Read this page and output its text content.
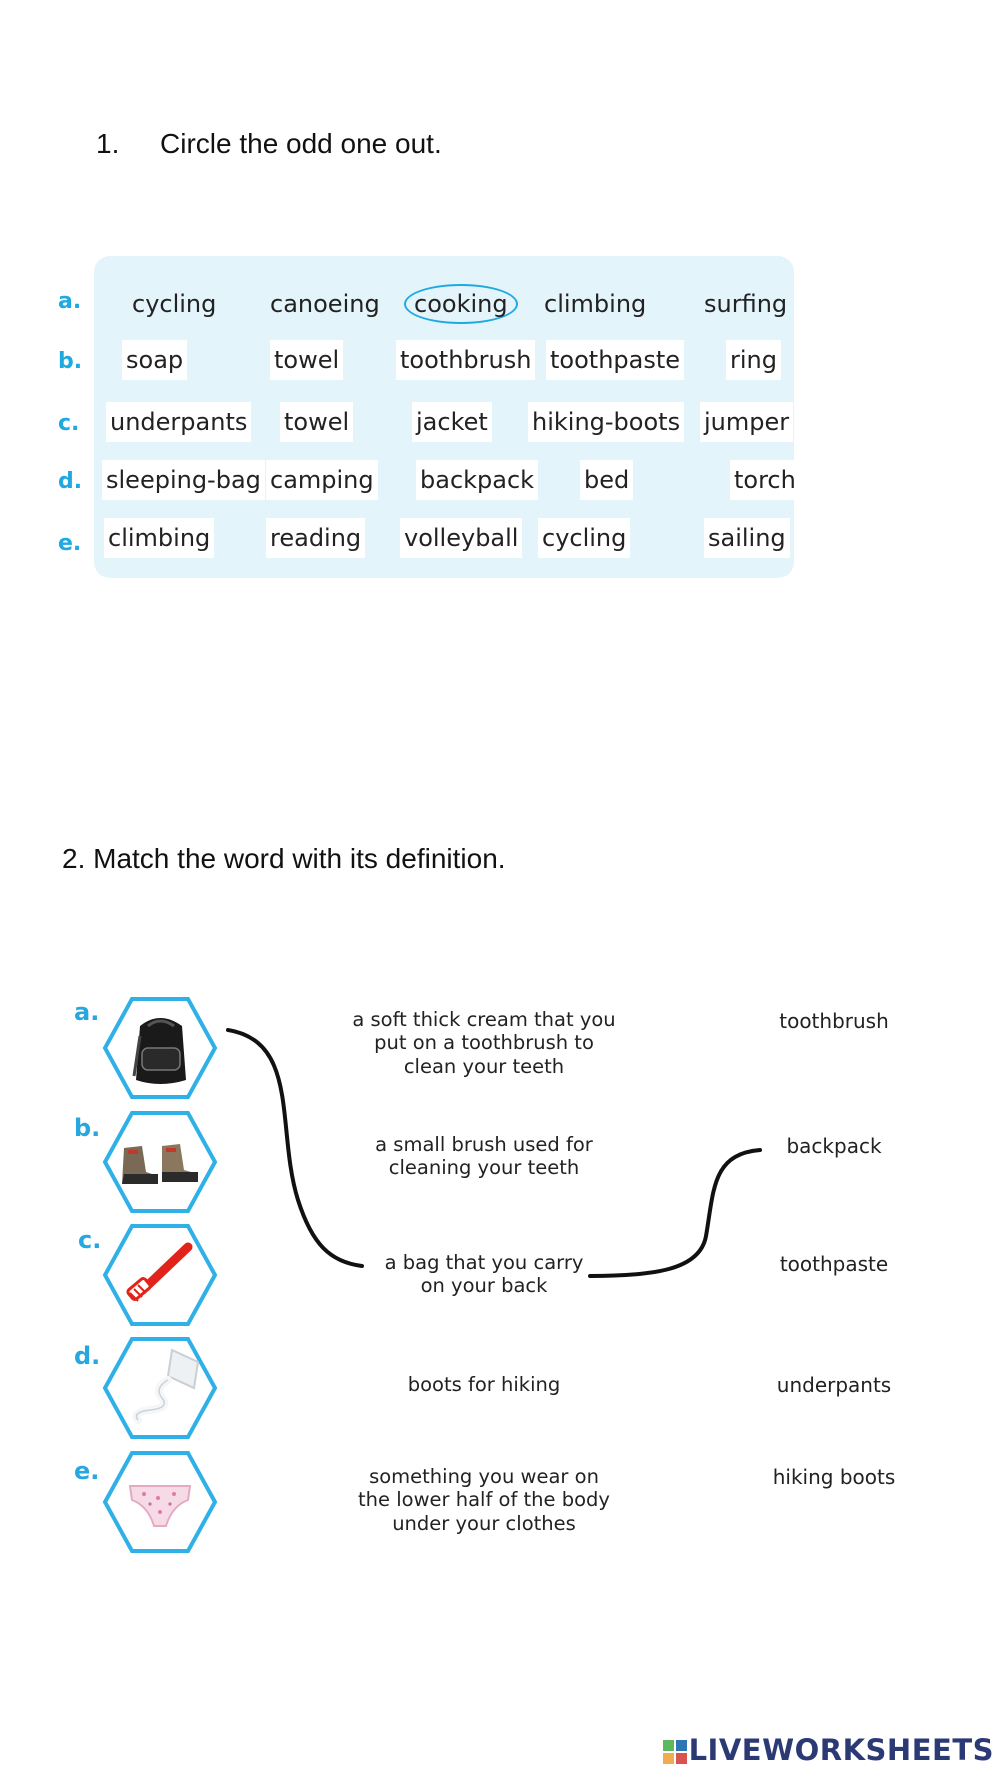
1. Circle the odd one out.
a.
b.
c.
d.
e.
cycling canoeing	cooking	climbing surfing
soap	towel	toothbrush toothpaste ring
underpants towel	jacket hiking-boots jumper
sleeping-bag camping backpack bed	torch
climbing reading volleyball cycling	sailing
2. Match the word with its definition.
a.
b.
c.
d.
e.
a soft thick cream that you
put on a toothbrush to
clean your teeth
a small brush used for
cleaning your teeth
a bag that you carry
on your back
boots for hiking
something you wear on
the lower half of the body
under your clothes
toothbrush
backpack
toothpaste
underpants
hiking boots
LIVEWORKSHEETS
